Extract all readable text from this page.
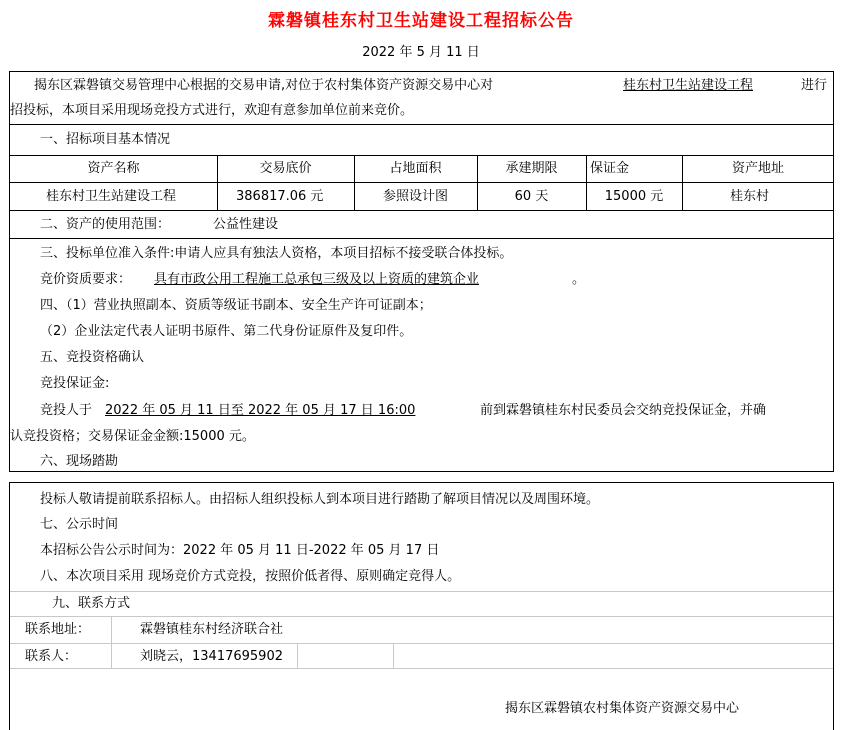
霖磐镇桂东村卫生站建设工程招标公告
2022 年 5 月 11 日
揭东区霖磐镇交易管理中心根据的交易申请,对位于农村集体资产资源交易中心对	桂东村卫生站建设工程	进行
招投标，本项目采用现场竞投方式进行，欢迎有意参加单位前来竞价。
一、招标项目基本情况
资产名称	交易底价	占地面积	承建期限	保证金	资产地址
桂东村卫生站建设工程	386817.06 元	参照设计图	60 天	15000 元	桂东村
二、资产的使用范围：	公益性建设
三、投标单位准入条件:申请人应具有独法人资格，本项目招标不接受联合体投标。
竞价资质要求： 具有市政公用工程施工总承包三级及以上资质的建筑企业	。
四、（1）营业执照副本、资质等级证书副本、安全生产许可证副本；
（2）企业法定代表人证明书原件、第二代身份证原件及复印件。
五、竞投资格确认
竞投保证金:
竞投人于 2022 年 05 月 11 日至 2022 年 05 月 17 日 16:00	前到霖磐镇桂东村民委员会交纳竞投保证金，并确
认竞投资格；交易保证金金额:15000 元。
六、现场踏勘
投标人敬请提前联系招标人。由招标人组织投标人到本项目进行踏勘了解项目情况以及周围环境。
七、公示时间
本招标公告公示时间为：2022 年 05 月 11 日-2022 年 05 月 17 日
八、本次项目采用 现场竞价方式竞投，按照价低者得、原则确定竞得人。
九、联系方式
联系地址：	霖磐镇桂东村经济联合社
联系人：	刘晓云，13417695902
揭东区霖磐镇农村集体资产资源交易中心
